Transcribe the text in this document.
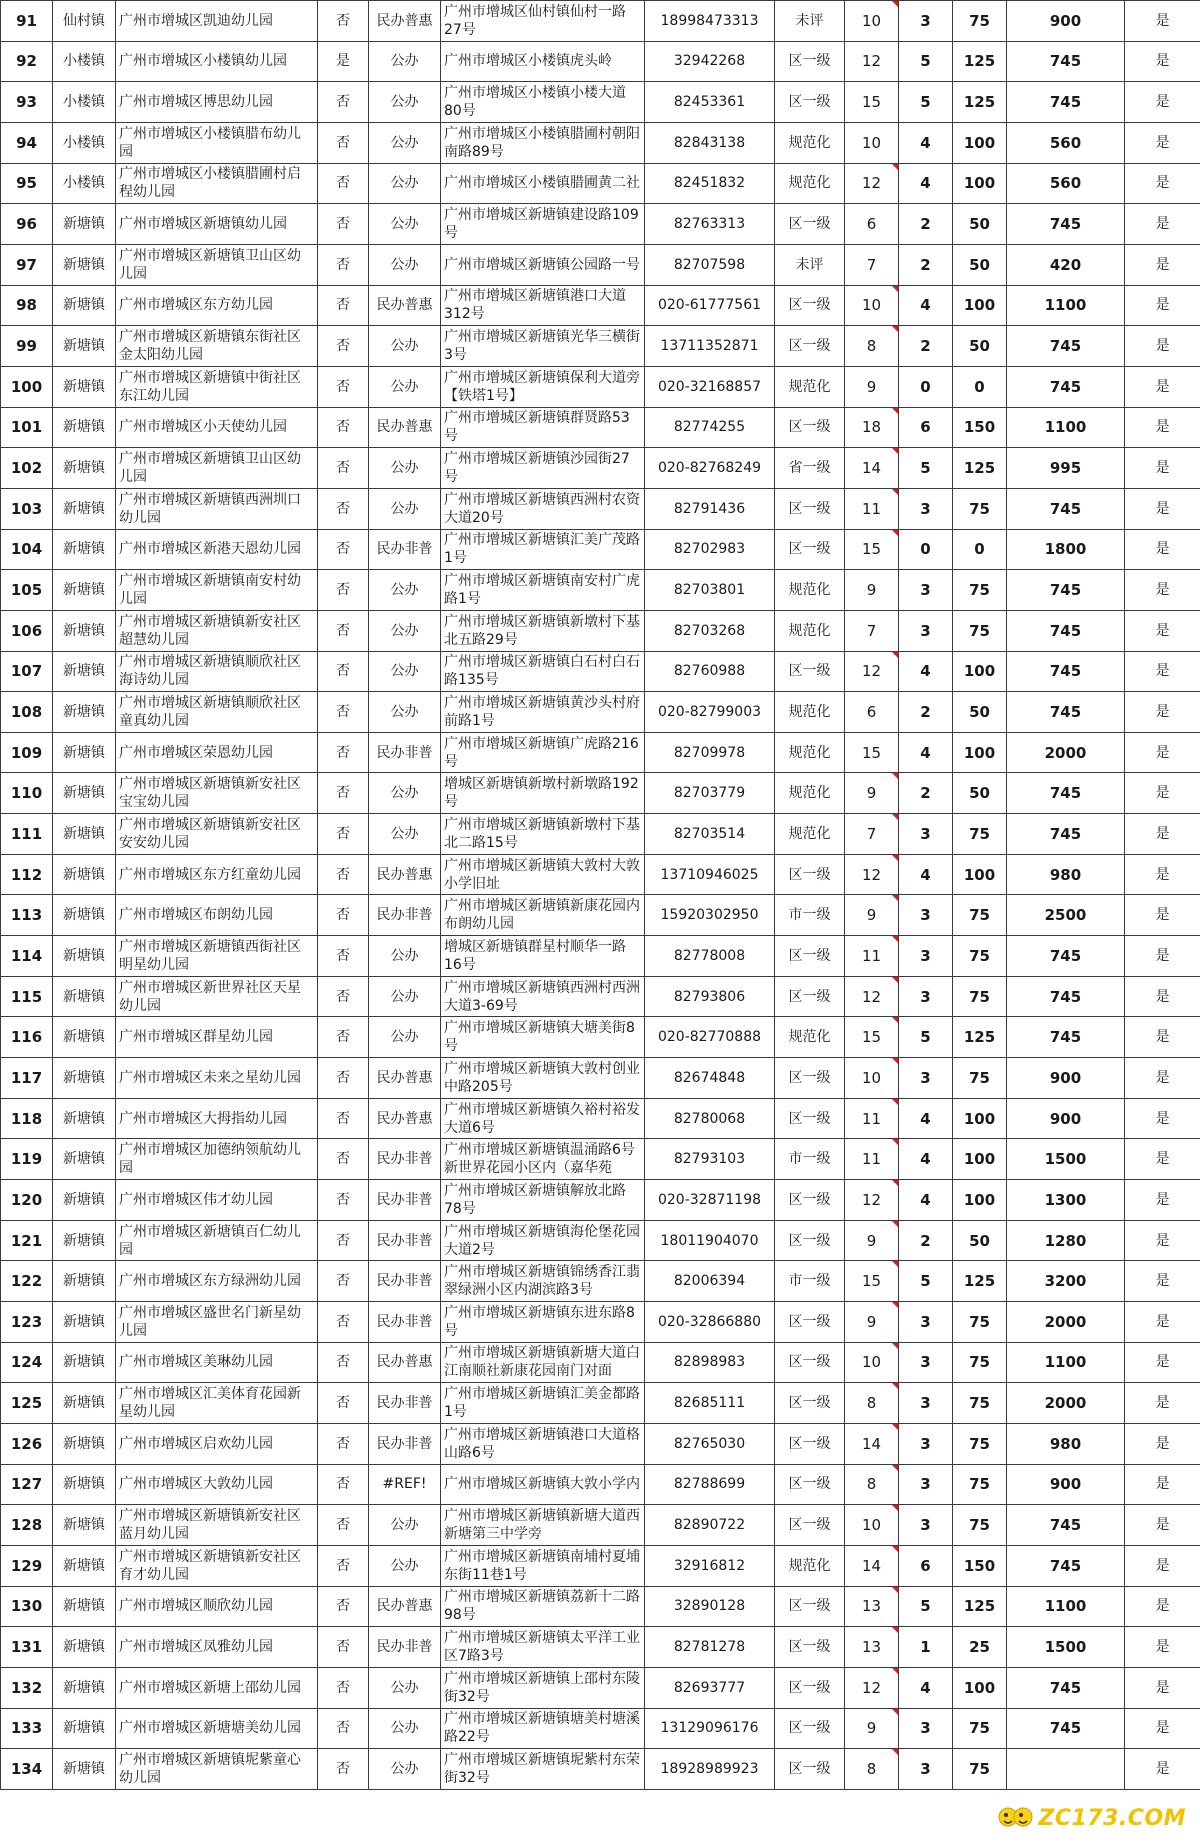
91	仙村镇	广州市增城区凯迪幼儿园	否	民办普惠	广州市增城区仙村镇仙村一路27号	18998473313	未评	10	3	75	900	是
92	小楼镇	广州市增城区小楼镇幼儿园	是	公办	广州市增城区小楼镇虎头岭	32942268	区一级	12	5	125	745	是
93	小楼镇	广州市增城区博思幼儿园	否	公办	广州市增城区小楼镇小楼大道80号	82453361	区一级	15	5	125	745	是
94	小楼镇	广州市增城区小楼镇腊布幼儿园	否	公办	广州市增城区小楼镇腊圃村朝阳南路89号	82843138	规范化	10	4	100	560	是
95	小楼镇	广州市增城区小楼镇腊圃村启程幼儿园	否	公办	广州市增城区小楼镇腊圃黄二社	82451832	规范化	12	4	100	560	是
96	新塘镇	广州市增城区新塘镇幼儿园	否	公办	广州市增城区新塘镇建设路109号	82763313	区一级	6	2	50	745	是
97	新塘镇	广州市增城区新塘镇卫山区幼儿园	否	公办	广州市增城区新塘镇公园路一号	82707598	未评	7	2	50	420	是
98	新塘镇	广州市增城区东方幼儿园	否	民办普惠	广州市增城区新塘镇港口大道312号	020-61777561	区一级	10	4	100	1100	是
99	新塘镇	广州市增城区新塘镇东街社区金太阳幼儿园	否	公办	广州市增城区新塘镇光华三横街3号	13711352871	区一级	8	2	50	745	是
100	新塘镇	广州市增城区新塘镇中街社区东江幼儿园	否	公办	广州市增城区新塘镇保利大道旁【铁塔1号】	020-32168857	规范化	9	0	0	745	是
101	新塘镇	广州市增城区小天使幼儿园	否	民办普惠	广州市增城区新塘镇群贤路53号	82774255	区一级	18	6	150	1100	是
102	新塘镇	广州市增城区新塘镇卫山区幼儿园	否	公办	广州市增城区新塘镇沙园街27号	020-82768249	省一级	14	5	125	995	是
103	新塘镇	广州市增城区新塘镇西洲圳口幼儿园	否	公办	广州市增城区新塘镇西洲村农资大道20号	82791436	区一级	11	3	75	745	是
104	新塘镇	广州市增城区新港天恩幼儿园	否	民办非普	广州市增城区新塘镇汇美广茂路1号	82702983	区一级	15	0	0	1800	是
105	新塘镇	广州市增城区新塘镇南安村幼儿园	否	公办	广州市增城区新塘镇南安村广虎路1号	82703801	规范化	9	3	75	745	是
106	新塘镇	广州市增城区新塘镇新安社区超慧幼儿园	否	公办	广州市增城区新塘镇新墩村下基北五路29号	82703268	规范化	7	3	75	745	是
107	新塘镇	广州市增城区新塘镇顺欣社区海诗幼儿园	否	公办	广州市增城区新塘镇白石村白石路135号	82760988	区一级	12	4	100	745	是
108	新塘镇	广州市增城区新塘镇顺欣社区童真幼儿园	否	公办	广州市增城区新塘镇黄沙头村府前路1号	020-82799003	规范化	6	2	50	745	是
109	新塘镇	广州市增城区荣恩幼儿园	否	民办非普	广州市增城区新塘镇广虎路216号	82709978	规范化	15	4	100	2000	是
110	新塘镇	广州市增城区新塘镇新安社区宝宝幼儿园	否	公办	增城区新塘镇新墩村新墩路192号	82703779	规范化	9	2	50	745	是
111	新塘镇	广州市增城区新塘镇新安社区安安幼儿园	否	公办	广州市增城区新塘镇新墩村下基北二路15号	82703514	规范化	7	3	75	745	是
112	新塘镇	广州市增城区东方红童幼儿园	否	民办普惠	广州市增城区新塘镇大敦村大敦小学旧址	13710946025	区一级	12	4	100	980	是
113	新塘镇	广州市增城区布朗幼儿园	否	民办非普	广州市增城区新塘镇新康花园内布朗幼儿园	15920302950	市一级	9	3	75	2500	是
114	新塘镇	广州市增城区新塘镇西街社区明星幼儿园	否	公办	增城区新塘镇群星村顺华一路16号	82778008	区一级	11	3	75	745	是
115	新塘镇	广州市增城区新世界社区天星幼儿园	否	公办	广州市增城区新塘镇西洲村西洲大道3-69号	82793806	区一级	12	3	75	745	是
116	新塘镇	广州市增城区群星幼儿园	否	公办	广州市增城区新塘镇大塘美街8号	020-82770888	规范化	15	5	125	745	是
117	新塘镇	广州市增城区未来之星幼儿园	否	民办普惠	广州市增城区新塘镇大敦村创业中路205号	82674848	区一级	10	3	75	900	是
118	新塘镇	广州市增城区大拇指幼儿园	否	民办普惠	广州市增城区新塘镇久裕村裕发大道6号	82780068	区一级	11	4	100	900	是
119	新塘镇	广州市增城区加德纳领航幼儿园	否	民办非普	广州市增城区新塘镇温涌路6号新世界花园小区内（嘉华苑	82793103	市一级	11	4	100	1500	是
120	新塘镇	广州市增城区伟才幼儿园	否	民办非普	广州市增城区新塘镇解放北路78号	020-32871198	区一级	12	4	100	1300	是
121	新塘镇	广州市增城区新塘镇百仁幼儿园	否	民办非普	广州市增城区新塘镇海伦堡花园大道2号	18011904070	区一级	9	2	50	1280	是
122	新塘镇	广州市增城区东方绿洲幼儿园	否	民办非普	广州市增城区新塘镇锦绣香江翡翠绿洲小区内湖滨路3号	82006394	市一级	15	5	125	3200	是
123	新塘镇	广州市增城区盛世名门新星幼儿园	否	民办非普	广州市增城区新塘镇东进东路8号	020-32866880	区一级	9	3	75	2000	是
124	新塘镇	广州市增城区美琳幼儿园	否	民办普惠	广州市增城区新塘镇新塘大道白江南顺社新康花园南门对面	82898983	区一级	10	3	75	1100	是
125	新塘镇	广州市增城区汇美体育花园新星幼儿园	否	民办非普	广州市增城区新塘镇汇美金都路1号	82685111	区一级	8	3	75	2000	是
126	新塘镇	广州市增城区启欢幼儿园	否	民办非普	广州市增城区新塘镇港口大道格山路6号	82765030	区一级	14	3	75	980	是
127	新塘镇	广州市增城区大敦幼儿园	否	#REF!	广州市增城区新塘镇大敦小学内	82788699	区一级	8	3	75	900	是
128	新塘镇	广州市增城区新塘镇新安社区蓝月幼儿园	否	公办	广州市增城区新塘镇新塘大道西新塘第三中学旁	82890722	区一级	10	3	75	745	是
129	新塘镇	广州市增城区新塘镇新安社区育才幼儿园	否	公办	广州市增城区新塘镇南埔村夏埔东街11巷1号	32916812	规范化	14	6	150	745	是
130	新塘镇	广州市增城区顺欣幼儿园	否	民办普惠	广州市增城区新塘镇荔新十二路98号	32890128	区一级	13	5	125	1100	是
131	新塘镇	广州市增城区凤雅幼儿园	否	民办非普	广州市增城区新塘镇太平洋工业区7路3号	82781278	区一级	13	1	25	1500	是
132	新塘镇	广州市增城区新塘上邵幼儿园	否	公办	广州市增城区新塘镇上邵村东陵街32号	82693777	区一级	12	4	100	745	是
133	新塘镇	广州市增城区新塘塘美幼儿园	否	公办	广州市增城区新塘镇塘美村塘溪路22号	13129096176	区一级	9	3	75	745	是
134	新塘镇	广州市增城区新塘镇坭紫童心幼儿园	否	公办	广州市增城区新塘镇坭紫村东荣街32号	18928989923	区一级	8	3	75		是
ZC173.COM
